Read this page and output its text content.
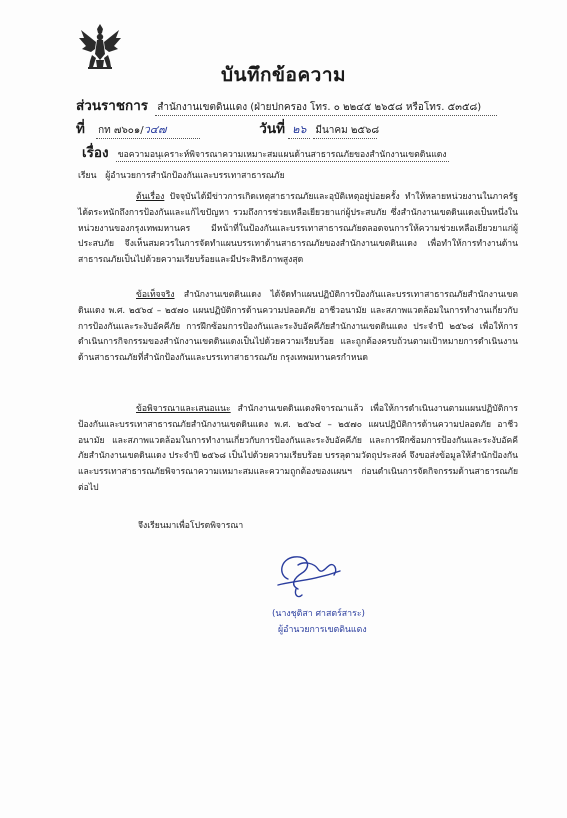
บันทึกข้อความ
ส่วนราชการ สำนักงานเขตดินแดง (ฝ่ายปกครอง โทร. ๐ ๒๒๔๕ ๒๖๕๘ หรือโทร. ๕๓๕๘)
ที่ กท ๗๖๐๑/ว๔๗	วันที่ ๒๖ มีนาคม ๒๕๖๘
เรื่อง ขอความอนุเคราะห์พิจารณาความเหมาะสมแผนด้านสาธารณภัยของสำนักงานเขตดินแดง
เรียน ผู้อำนวยการสำนักป้องกันและบรรเทาสาธารณภัย

ต้นเรื่อง ปัจจุบันได้มีข่าวการเกิดเหตุสาธารณภัยและอุบัติเหตุอยู่บ่อยครั้ง ทำให้หลายหน่วยงานในภาครัฐได้ตระหนักถึงการป้องกันและแก้ไขปัญหา รวมถึงการช่วยเหลือเยียวยาแก่ผู้ประสบภัย ซึ่งสำนักงานเขตดินแดงเป็นหนึ่งในหน่วยงานของกรุงเทพมหานคร มีหน้าที่ในป้องกันและบรรเทาสาธารณภัยตลอดจนการให้ความช่วยเหลือเยียวยาแก่ผู้ประสบภัย จึงเห็นสมควรในการจัดทำแผนบรรเทาด้านสาธารณภัยของสำนักงานเขตดินแดง เพื่อทำให้การทำงานด้านสาธารณภัยเป็นไปด้วยความเรียบร้อยและมีประสิทธิภาพสูงสุด

ข้อเท็จจริง สำนักงานเขตดินแดง ได้จัดทำแผนปฏิบัติการป้องกันและบรรเทาสาธารณภัยสำนักงานเขตดินแดง พ.ศ. ๒๕๖๔ – ๒๕๗๐ แผนปฏิบัติการด้านความปลอดภัย อาชีวอนามัย และสภาพแวดล้อมในการทำงานเกี่ยวกับการป้องกันและระงับอัคคีภัย การฝึกซ้อมการป้องกันและระงับอัคคีภัยสำนักงานเขตดินแดง ประจำปี ๒๕๖๘ เพื่อให้การดำเนินการกิจกรรมของสำนักงานเขตดินแดงเป็นไปด้วยความเรียบร้อย และถูกต้องครบถ้วนตามเป้าหมายการดำเนินงานด้านสาธารณภัยที่สำนักป้องกันและบรรเทาสาธารณภัย กรุงเทพมหานครกำหนด

ข้อพิจารณาและเสนอแนะ สำนักงานเขตดินแดงพิจารณาแล้ว เพื่อให้การดำเนินงานตามแผนปฏิบัติการป้องกันและบรรเทาสาธารณภัยสำนักงานเขตดินแดง พ.ศ. ๒๕๖๔ – ๒๕๗๐ แผนปฏิบัติการด้านความปลอดภัย อาชีวอนามัย และสภาพแวดล้อมในการทำงานเกี่ยวกับการป้องกันและระงับอัคคีภัย และการฝึกซ้อมการป้องกันและระงับอัคคีภัยสำนักงานเขตดินแดง ประจำปี ๒๕๖๘ เป็นไปด้วยความเรียบร้อย บรรลุตามวัตถุประสงค์ จึงขอส่งข้อมูลให้สำนักป้องกันและบรรเทาสาธารณภัยพิจารณาความเหมาะสมและความถูกต้องของแผนฯ ก่อนดำเนินการจัดกิจกรรมด้านสาธารณภัยต่อไป

จึงเรียนมาเพื่อโปรดพิจารณา
(นางชุติสา ศาสตร์สาระ)
ผู้อำนวยการเขตดินแดง
